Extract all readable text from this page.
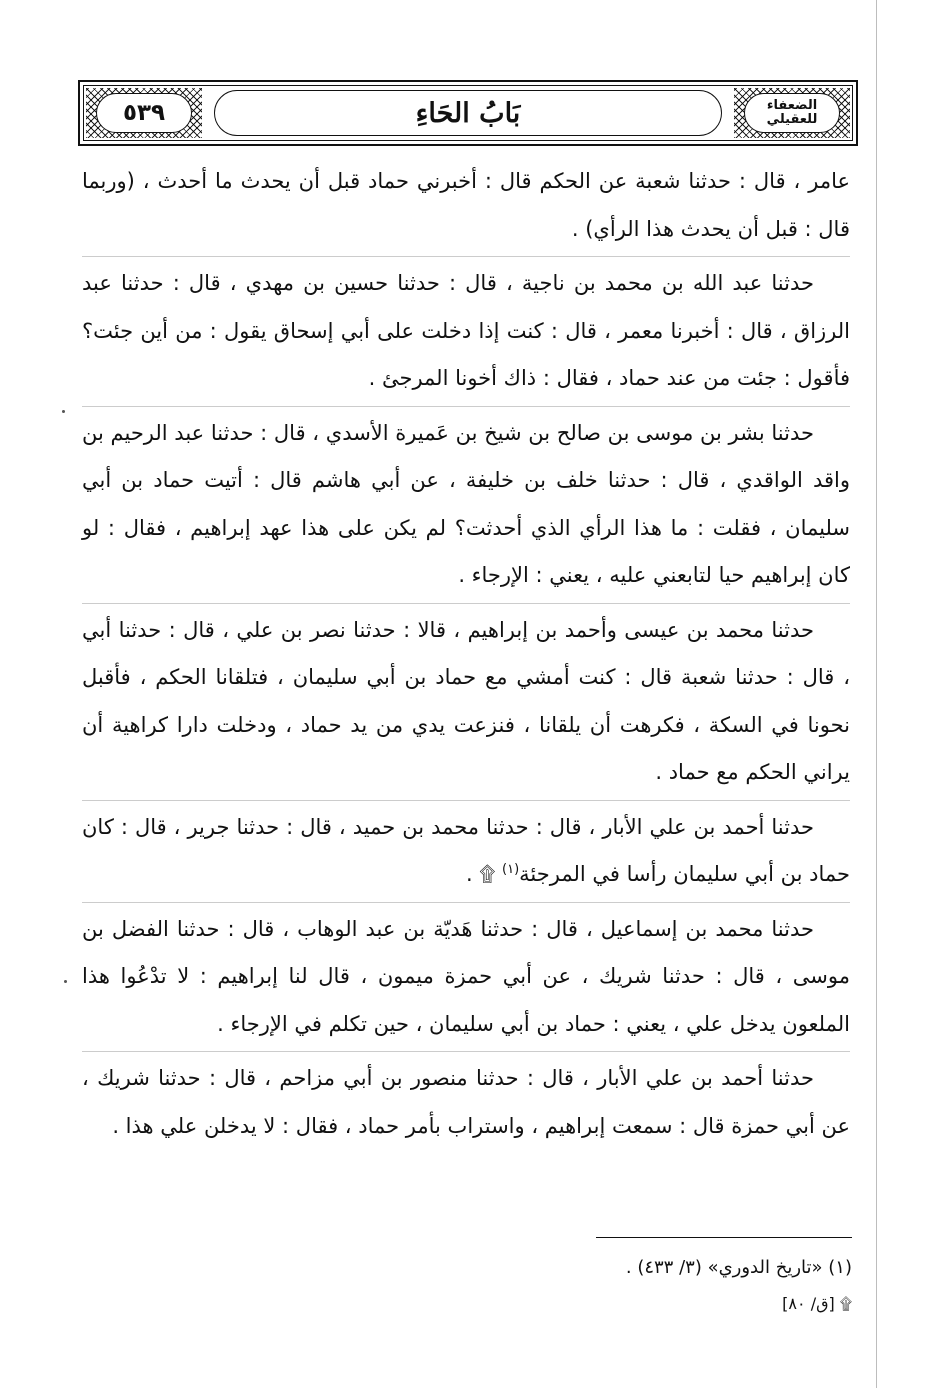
٥٣٩	بَابُ الحَاءِ	الضعفاء
للعقيلي

عامر ، قال : حدثنا شعبة عن الحكم قال : أخبرني حماد قبل أن يحدث ما أحدث ، (وربما قال : قبل أن يحدث هذا الرأي) .

حدثنا عبد الله بن محمد بن ناجية ، قال : حدثنا حسين بن مهدي ، قال : حدثنا عبد الرزاق ، قال : أخبرنا معمر ، قال : كنت إذا دخلت على أبي إسحاق يقول : من أين جئت؟ فأقول : جئت من عند حماد ، فقال : ذاك أخونا المرجئ .

حدثنا بشر بن موسى بن صالح بن شيخ بن عَميرة الأسدي ، قال : حدثنا عبد الرحيم بن واقد الواقدي ، قال : حدثنا خلف بن خليفة ، عن أبي هاشم قال : أتيت حماد بن أبي سليمان ، فقلت : ما هذا الرأي الذي أحدثت؟ لم يكن على هذا عهد إبراهيم ، فقال : لو كان إبراهيم حيا لتابعني عليه ، يعني : الإرجاء .

حدثنا محمد بن عيسى وأحمد بن إبراهيم ، قالا : حدثنا نصر بن علي ، قال : حدثنا أبي ، قال : حدثنا شعبة قال : كنت أمشي مع حماد بن أبي سليمان ، فتلقانا الحكم ، فأقبل نحونا في السكة ، فكرهت أن يلقانا ، فنزعت يدي من يد حماد ، ودخلت دارا كراهية أن يراني الحكم مع حماد .

حدثنا أحمد بن علي الأبار ، قال : حدثنا محمد بن حميد ، قال : حدثنا جرير ، قال : كان حماد بن أبي سليمان رأسا في المرجئة$^{(١)}$ ۩ .

حدثنا محمد بن إسماعيل ، قال : حدثنا هَديّة بن عبد الوهاب ، قال : حدثنا الفضل بن موسى ، قال : حدثنا شريك ، عن أبي حمزة ميمون ، قال لنا إبراهيم : لا تدْعُوا هذا الملعون يدخل علي ، يعني : حماد بن أبي سليمان ، حين تكلم في الإرجاء .

حدثنا أحمد بن علي الأبار ، قال : حدثنا منصور بن أبي مزاحم ، قال : حدثنا شريك ، عن أبي حمزة قال : سمعت إبراهيم ، واستراب بأمر حماد ، فقال : لا يدخلن علي هذا .

(١) «تاريخ الدوري» (٣/ ٤٣٣) .

۩ [ق/ ٨٠]
